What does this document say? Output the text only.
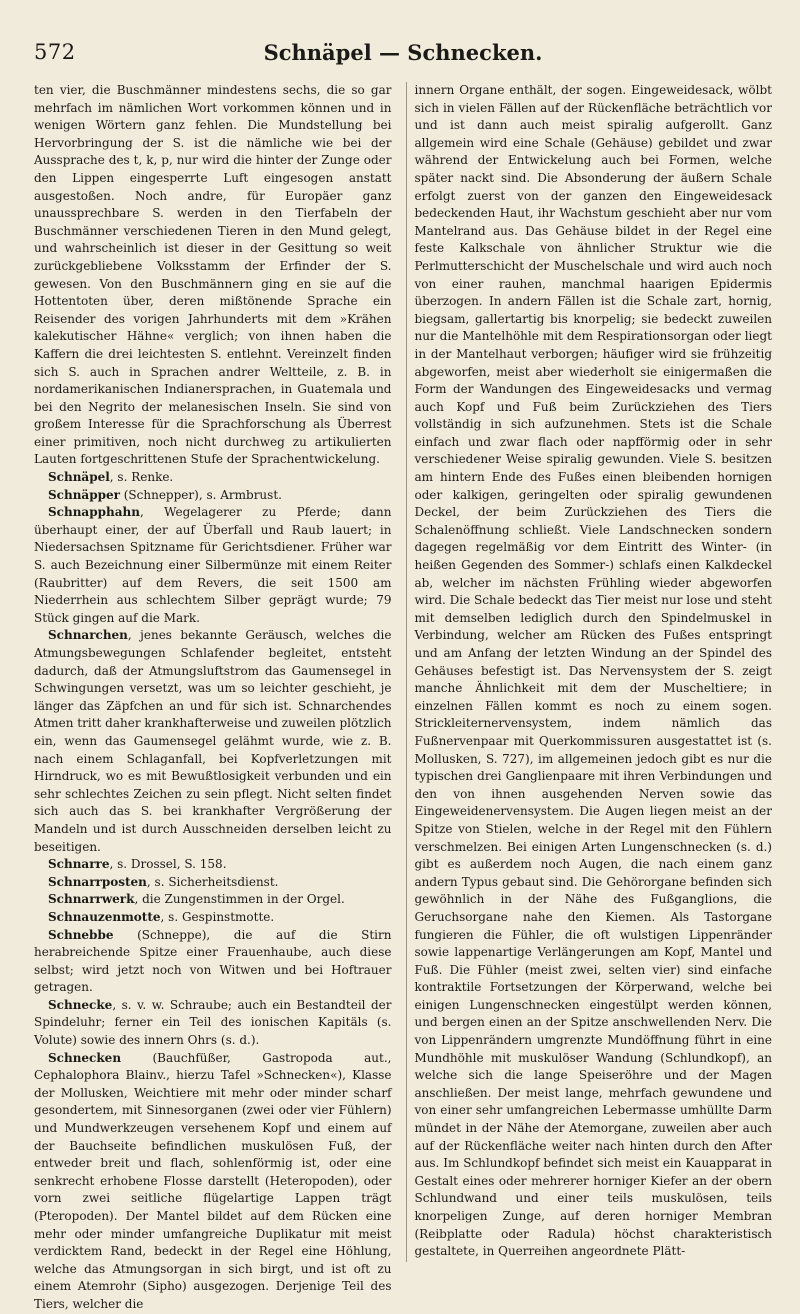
572	Schnäpel — Schnecken.

ten vier, die Buschmänner mindestens sechs, die so gar mehrfach im nämlichen Wort vorkommen können und in wenigen Wörtern ganz fehlen. Die Mundstellung bei Hervorbringung der S. ist die nämliche wie bei der Aussprache des t, k, p, nur wird die hinter der Zunge oder den Lippen eingesperrte Luft eingesogen anstatt ausgestoßen. Noch andre, für Europäer ganz unaussprechbare S. werden in den Tierfabeln der Buschmänner verschiedenen Tieren in den Mund gelegt, und wahrscheinlich ist dieser in der Gesittung so weit zurückgebliebene Volksstamm der Erfinder der S. gewesen. Von den Buschmännern ging en sie auf die Hottentoten über, deren mißtönende Sprache ein Reisender des vorigen Jahrhunderts mit dem »Krähen kalekutischer Hähne« verglich; von ihnen haben die Kaffern die drei leichtesten S. entlehnt. Vereinzelt finden sich S. auch in Sprachen andrer Weltteile, z. B. in nordamerikanischen Indianersprachen, in Guatemala und bei den Negrito der melanesischen Inseln. Sie sind von großem Interesse für die Sprachforschung als Überrest einer primitiven, noch nicht durchweg zu artikulierten Lauten fortgeschrittenen Stufe der Sprachentwickelung.

Schnäpel, s. Renke.

Schnäpper (Schnepper), s. Armbrust.

Schnapphahn, Wegelagerer zu Pferde; dann überhaupt einer, der auf Überfall und Raub lauert; in Niedersachsen Spitzname für Gerichtsdiener. Früher war S. auch Bezeichnung einer Silbermünze mit einem Reiter (Raubritter) auf dem Revers, die seit 1500 am Niederrhein aus schlechtem Silber geprägt wurde; 79 Stück gingen auf die Mark.

Schnarchen, jenes bekannte Geräusch, welches die Atmungsbewegungen Schlafender begleitet, entsteht dadurch, daß der Atmungsluftstrom das Gaumensegel in Schwingungen versetzt, was um so leichter geschieht, je länger das Zäpfchen an und für sich ist. Schnarchendes Atmen tritt daher krankhafterweise und zuweilen plötzlich ein, wenn das Gaumensegel gelähmt wurde, wie z. B. nach einem Schlaganfall, bei Kopfverletzungen mit Hirndruck, wo es mit Bewußtlosigkeit verbunden und ein sehr schlechtes Zeichen zu sein pflegt. Nicht selten findet sich auch das S. bei krankhafter Vergrößerung der Mandeln und ist durch Ausschneiden derselben leicht zu beseitigen.

Schnarre, s. Drossel, S. 158.

Schnarrposten, s. Sicherheitsdienst.

Schnarrwerk, die Zungenstimmen in der Orgel.

Schnauzenmotte, s. Gespinstmotte.

Schnebbe (Schneppe), die auf die Stirn herabreichende Spitze einer Frauenhaube, auch diese selbst; wird jetzt noch von Witwen und bei Hoftrauer getragen.

Schnecke, s. v. w. Schraube; auch ein Bestandteil der Spindeluhr; ferner ein Teil des ionischen Kapitäls (s. Volute) sowie des innern Ohrs (s. d.).

Schnecken (Bauchfüßer, Gastropoda aut., Cephalophora Blainv., hierzu Tafel »Schnecken«), Klasse der Mollusken, Weichtiere mit mehr oder minder scharf gesondertem, mit Sinnesorganen (zwei oder vier Fühlern) und Mundwerkzeugen versehenem Kopf und einem auf der Bauchseite befindlichen muskulösen Fuß, der entweder breit und flach, sohlenförmig ist, oder eine senkrecht erhobene Flosse darstellt (Heteropoden), oder vorn zwei seitliche flügelartige Lappen trägt (Pteropoden). Der Mantel bildet auf dem Rücken eine mehr oder minder umfangreiche Duplikatur mit meist verdicktem Rand, bedeckt in der Regel eine Höhlung, welche das Atmungsorgan in sich birgt, und ist oft zu einem Atemrohr (Sipho) ausgezogen. Derjenige Teil des Tiers, welcher die

innern Organe enthält, der sogen. Eingeweidesack, wölbt sich in vielen Fällen auf der Rückenfläche beträchtlich vor und ist dann auch meist spiralig aufgerollt. Ganz allgemein wird eine Schale (Gehäuse) gebildet und zwar während der Entwickelung auch bei Formen, welche später nackt sind. Die Absonderung der äußern Schale erfolgt zuerst von der ganzen den Eingeweidesack bedeckenden Haut, ihr Wachstum geschieht aber nur vom Mantelrand aus. Das Gehäuse bildet in der Regel eine feste Kalkschale von ähnlicher Struktur wie die Perlmutterschicht der Muschelschale und wird auch noch von einer rauhen, manchmal haarigen Epidermis überzogen. In andern Fällen ist die Schale zart, hornig, biegsam, gallertartig bis knorpelig; sie bedeckt zuweilen nur die Mantelhöhle mit dem Respirationsorgan oder liegt in der Mantelhaut verborgen; häufiger wird sie frühzeitig abgeworfen, meist aber wiederholt sie einigermaßen die Form der Wandungen des Eingeweidesacks und vermag auch Kopf und Fuß beim Zurückziehen des Tiers vollständig in sich aufzunehmen. Stets ist die Schale einfach und zwar flach oder napfförmig oder in sehr verschiedener Weise spiralig gewunden. Viele S. besitzen am hintern Ende des Fußes einen bleibenden hornigen oder kalkigen, geringelten oder spiralig gewundenen Deckel, der beim Zurückziehen des Tiers die Schalenöffnung schließt. Viele Landschnecken sondern dagegen regelmäßig vor dem Eintritt des Winter- (in heißen Gegenden des Sommer-) schlafs einen Kalkdeckel ab, welcher im nächsten Frühling wieder abgeworfen wird. Die Schale bedeckt das Tier meist nur lose und steht mit demselben lediglich durch den Spindelmuskel in Verbindung, welcher am Rücken des Fußes entspringt und am Anfang der letzten Windung an der Spindel des Gehäuses befestigt ist. Das Nervensystem der S. zeigt manche Ähnlichkeit mit dem der Muscheltiere; in einzelnen Fällen kommt es noch zu einem sogen. Strickleiternervensystem, indem nämlich das Fußnervenpaar mit Querkommissuren ausgestattet ist (s. Mollusken, S. 727), im allgemeinen jedoch gibt es nur die typischen drei Ganglienpaare mit ihren Verbindungen und den von ihnen ausgehenden Nerven sowie das Eingeweidenervensystem. Die Augen liegen meist an der Spitze von Stielen, welche in der Regel mit den Fühlern verschmelzen. Bei einigen Arten Lungenschnecken (s. d.) gibt es außerdem noch Augen, die nach einem ganz andern Typus gebaut sind. Die Gehörorgane befinden sich gewöhnlich in der Nähe des Fußganglions, die Geruchsorgane nahe den Kiemen. Als Tastorgane fungieren die Fühler, die oft wulstigen Lippenränder sowie lappenartige Verlängerungen am Kopf, Mantel und Fuß. Die Fühler (meist zwei, selten vier) sind einfache kontraktile Fortsetzungen der Körperwand, welche bei einigen Lungenschnecken eingestülpt werden können, und bergen einen an der Spitze anschwellenden Nerv. Die von Lippenrändern umgrenzte Mundöffnung führt in eine Mundhöhle mit muskulöser Wandung (Schlundkopf), an welche sich die lange Speiseröhre und der Magen anschließen. Der meist lange, mehrfach gewundene und von einer sehr umfangreichen Lebermasse umhüllte Darm mündet in der Nähe der Atemorgane, zuweilen aber auch auf der Rückenfläche weiter nach hinten durch den After aus. Im Schlundkopf befindet sich meist ein Kauapparat in Gestalt eines oder mehrerer horniger Kiefer an der obern Schlundwand und einer teils muskulösen, teils knorpeligen Zunge, auf deren horniger Membran (Reibplatte oder Radula) höchst charakteristisch gestaltete, in Querreihen angeordnete Plätt-
